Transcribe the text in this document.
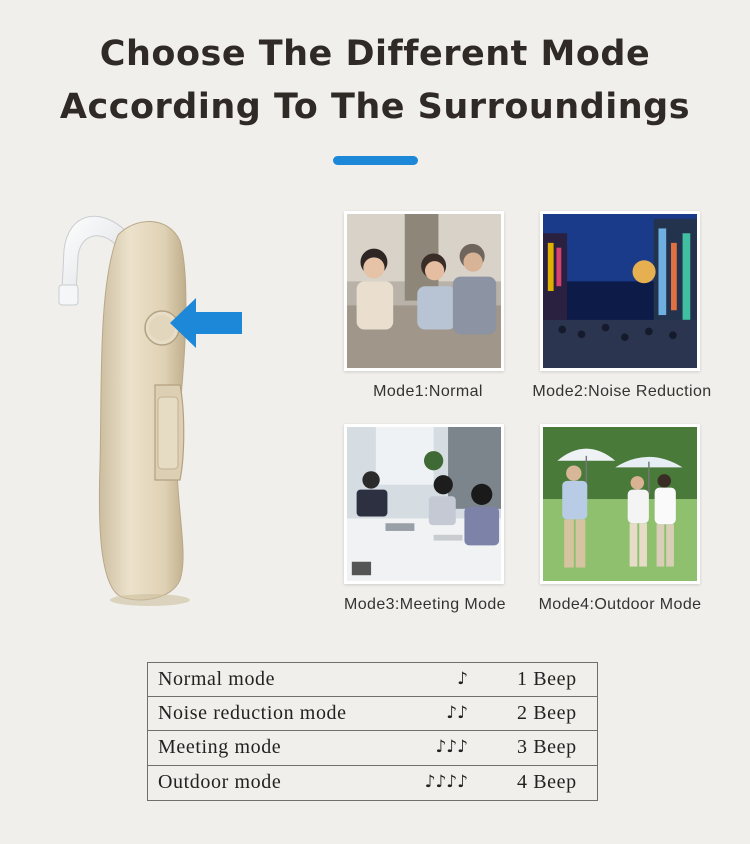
Choose The Different Mode
According To The Surroundings
Mode1:Normal	Mode2:Noise Reduction
Mode3:Meeting Mode	Mode4:Outdoor Mode
Normal mode	♪ 1 Beep
Noise reduction mode	♪♪ 2 Beep
Meeting mode	♪♪♪ 3 Beep
Outdoor mode	♪♪♪♪ 4 Beep
